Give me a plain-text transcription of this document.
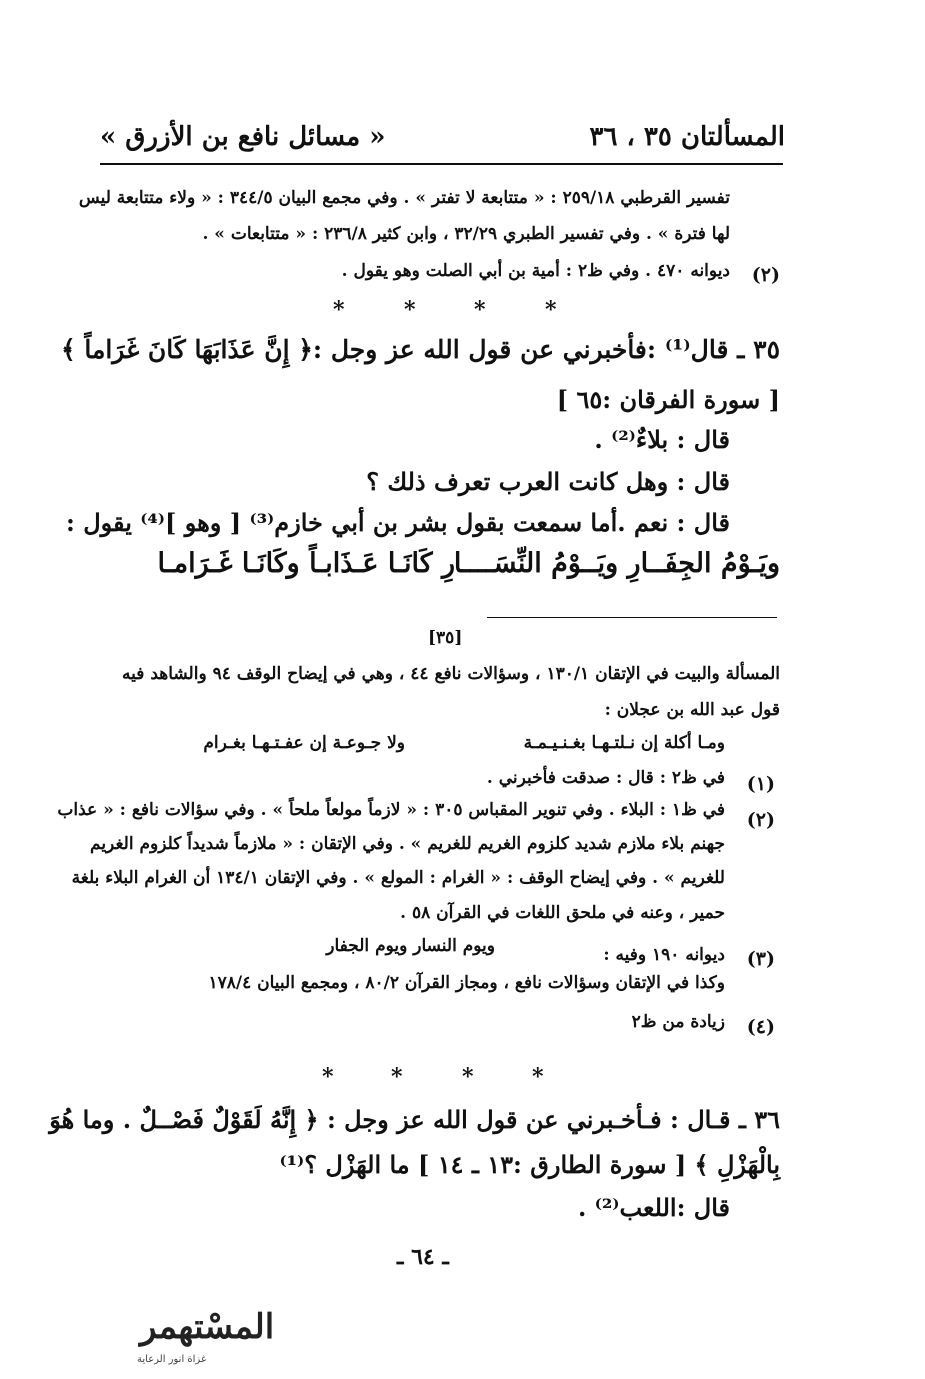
« مسائل نافع بن الأزرق »	المسألتان ٣٥ ، ٣٦
تفسير القرطبي ٢٥٩/١٨ : « متتابعة لا تفتر » . وفي مجمع البيان ٣٤٤/٥ : « ولاء متتابعة ليس
لها فترة » . وفي تفسير الطبري ٣٢/٢٩ ، وابن كثير ٢٣٦/٨ : « متتابعات » .
(٢)
ديوانه ٤٧٠ . وفي ظ٢ : أمية بن أبي الصلت وهو يقول .
*	*	*	*
٣٥ ـ قال⁽¹⁾ :فأخبرني عن قول الله عز وجل :﴿ إِنَّ عَذَابَهَا كَانَ غَرَاماً ﴾
[ سورة الفرقان :٦٥ ]
قال : بلاءٌ⁽²⁾ .
قال : وهل كانت العرب تعرف ذلك ؟
قال : نعم .أما سمعت بقول بشر بن أبي خازم⁽³⁾ [ وهو ]⁽⁴⁾ يقول :
ويَـوْمُ الجِفَــارِ ويَــوْمُ النِّسَــــا
رِ كَانَـا عَـذَابـاً وكَانَـا غَـرَامـا
[٣٥]
المسألة والبيت في الإتقان ١٣٠/١ ، وسؤالات نافع ٤٤ ، وهي في إيضاح الوقف ٩٤ والشاهد فيه
قول عبد الله بن عجلان :
ومـا أكلة إن نـلتـهـا بغـنـيـمـة
ولا جـوعـة إن عفـتـهـا بغـرام
(١)
في ظ٢ : قال : صدقت فأخبرني .
(٢)
في ظ١ : البلاء . وفي تنوير المقباس ٣٠٥ : « لازماً مولعاً ملحاً » . وفي سؤالات نافع : « عذاب
جهنم بلاء ملازم شديد كلزوم الغريم للغريم » . وفي الإتقان : « ملازماً شديداً كلزوم الغريم
للغريم » . وفي إيضاح الوقف : « الغرام : المولع » . وفي الإتقان ١٣٤/١ أن الغرام البلاء بلغة
حمير ، وعنه في ملحق اللغات في القرآن ٥٨ .
(٣)
ديوانه ١٩٠ وفيه :
ويوم النسار ويوم الجفار
وكذا في الإتقان وسؤالات نافع ، ومجاز القرآن ٨٠/٢ ، ومجمع البيان ١٧٨/٤
(٤)
زيادة من ظ٢
*	*	*	*
٣٦ ـ قـال : فـأخـبرني عن قول الله عز وجل : ﴿ إِنَّهُ لَقَوْلٌ فَصْــلٌ . وما هُوَ
بِالْهَزْلِ ﴾ [ سورة الطارق :١٣ ـ ١٤ ] ما الهَزْل ؟⁽¹⁾
قال :اللعب⁽²⁾ .
ـ ٦٤ ـ
المسْتهمر
غزاة انور الرعاية
